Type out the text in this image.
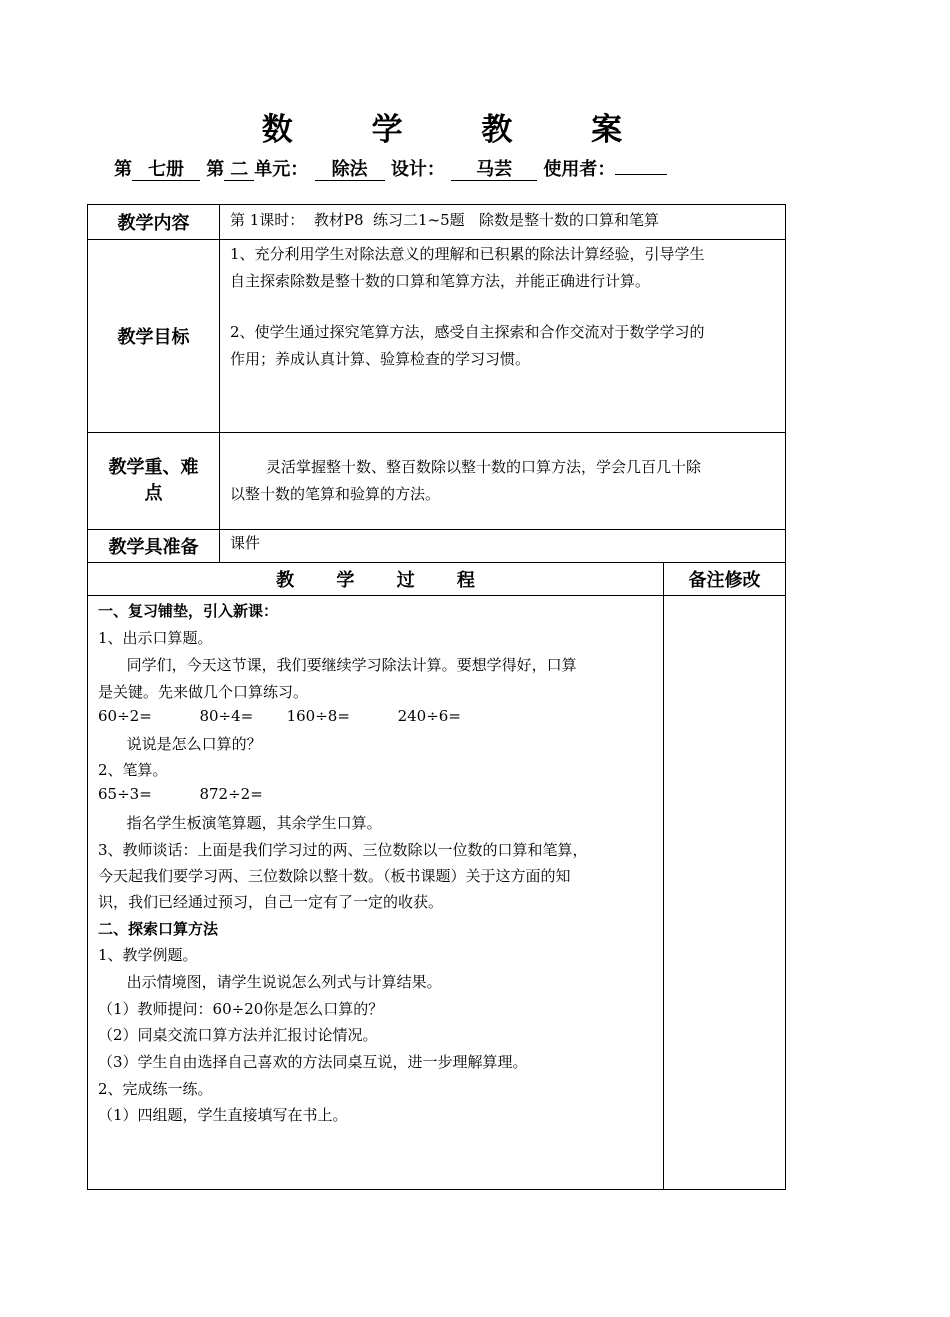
数 学 教 案
第 七册 第 二 单元： 除法 设计： 马芸 使用者：
教学内容	第 1课时：  教材P8  练习二1~5题   除数是整十数的口算和笔算
教学目标
1、充分利用学生对除法意义的理解和已积累的除法计算经验，引导学生
自主探索除数是整十数的口算和笔算方法，并能正确进行计算。
2、使学生通过探究笔算方法，感受自主探索和合作交流对于数学学习的
作用；养成认真计算、验算检查的学习习惯。
教学重、难
点
灵活掌握整十数、整百数除以整十数的口算方法，学会几百几十除
以整十数的笔算和验算的方法。
教学具准备 课件
教 学 过 程	备注修改
一、复习铺垫，引入新课：
1、出示口算题。
同学们，今天这节课，我们要继续学习除法计算。要想学得好，口算
是关键。先来做几个口算练习。
60÷2=          80÷4=       160÷8=          240÷6=
说说是怎么口算的？
2、笔算。
65÷3=          872÷2=
指名学生板演笔算题，其余学生口算。
3、教师谈话：上面是我们学习过的两、三位数除以一位数的口算和笔算，
今天起我们要学习两、三位数除以整十数。（板书课题）关于这方面的知
识，我们已经通过预习，自己一定有了一定的收获。
二、探索口算方法
1、教学例题。
出示情境图，请学生说说怎么列式与计算结果。
（1）教师提问：60÷20你是怎么口算的？
（2）同桌交流口算方法并汇报讨论情况。
（3）学生自由选择自己喜欢的方法同桌互说，进一步理解算理。
2、完成练一练。
（1）四组题，学生直接填写在书上。
